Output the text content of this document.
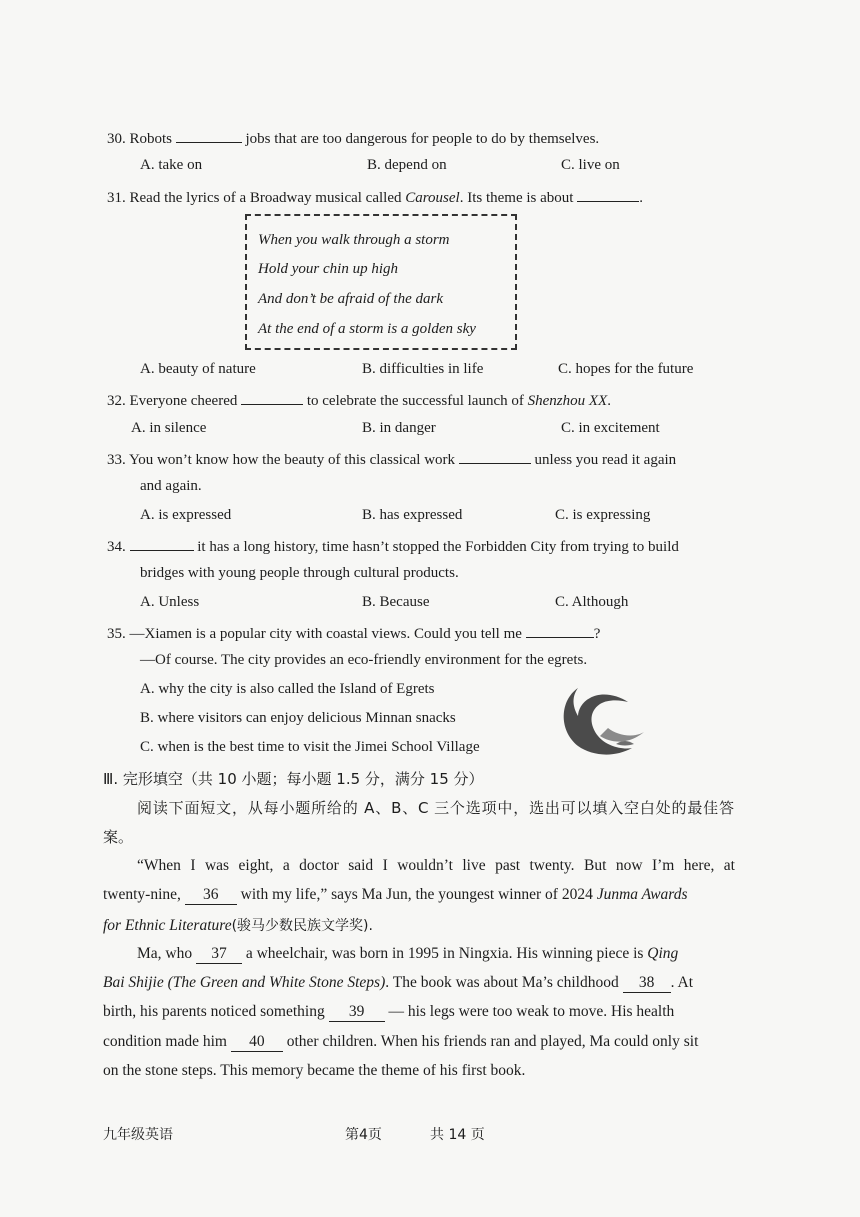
30. Robots	jobs that are too dangerous for people to do by themselves.
A. take on	B. depend on	C. live on
31. Read the lyrics of a Broadway musical called Carousel. Its theme is about	.
When you walk through a storm
Hold your chin up high
And don’t be afraid of the dark
At the end of a storm is a golden sky
A. beauty of nature	B. difficulties in life	C. hopes for the future
32. Everyone cheered	to celebrate the successful launch of Shenzhou XX.
A. in silence	B. in danger	C. in excitement
33. You won’t know how the beauty of this classical work	unless you read it again
and again.
A. is expressed	B. has expressed	C. is expressing
34.	it has a long history, time hasn’t stopped the Forbidden City from trying to build
bridges with young people through cultural products.
A. Unless	B. Because	C. Although
35. —Xiamen is a popular city with coastal views. Could you tell me	?
—Of course. The city provides an eco-friendly environment for the egrets.
A. why the city is also called the Island of Egrets
B. where visitors can enjoy delicious Minnan snacks
C. when is the best time to visit the Jimei School Village
Ⅲ. 完形填空（共 10 小题；每小题 1.5 分，满分 15 分）
阅读下面短文，从每小题所给的 A、B、C 三个选项中，选出可以填入空白处的最佳答
案。
“When I was eight, a doctor said I wouldn’t live past twenty. But now I’m here, at
twenty-nine, 36 with my life,” says Ma Jun, the youngest winner of 2024 Junma Awards
for Ethnic Literature(骏马少数民族文学奖).
Ma, who 37 a wheelchair, was born in 1995 in Ningxia. His winning piece is Qing
Bai Shijie (The Green and White Stone Steps). The book was about Ma’s childhood 38 . At
birth, his parents noticed something 39 — his legs were too weak to move. His health
condition made him 40 other children. When his friends ran and played, Ma could only sit
on the stone steps. This memory became the theme of his first book.
九年级英语	第4页	共 14 页
